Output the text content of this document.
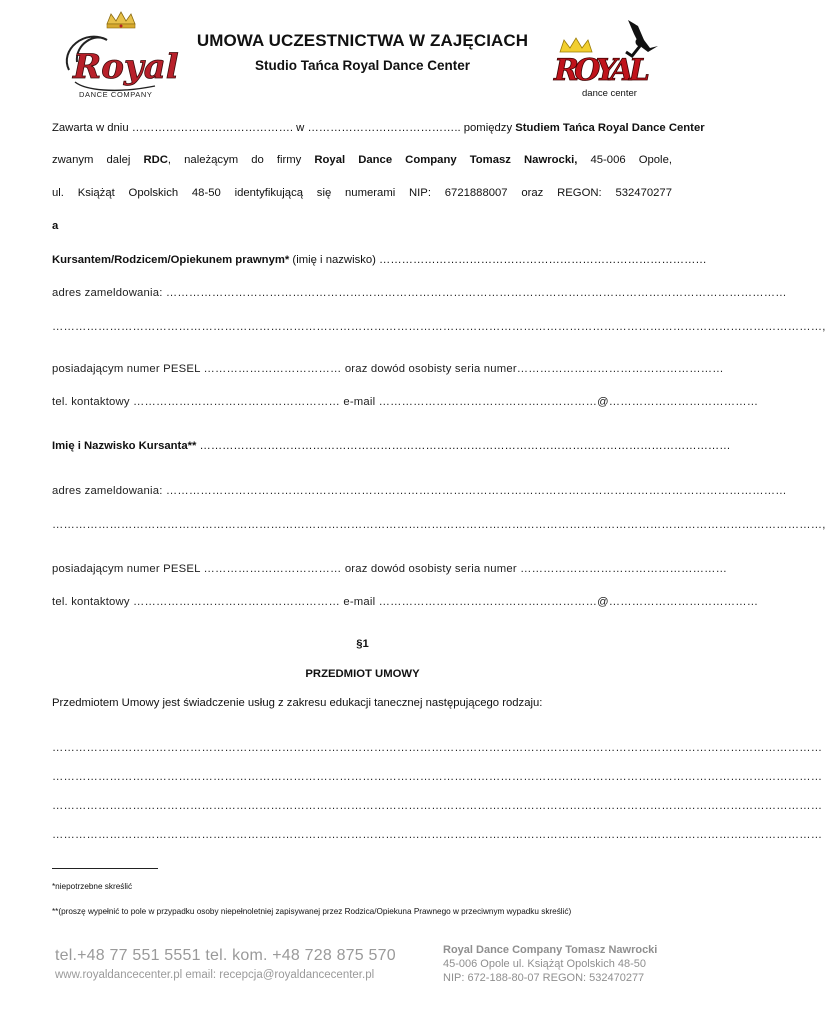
Royal
DANCE COMPANY
ROYAL
dance center
UMOWA UCZESTNICTWA W ZAJĘCIACH
Studio Tańca Royal Dance Center
Zawarta w dniu ……………………………………. w ………………………………….. pomiędzy Studiem Tańca Royal Dance Center
zwanym dalej RDC, należącym do firmy Royal Dance Company Tomasz Nawrocki, 45-006 Opole,
ul. Książąt Opolskich 48-50 identyfikującą się numerami NIP: 6721888007 oraz REGON: 532470277
a
Kursantem/Rodzicem/Opiekunem prawnym* (imię i nazwisko) ……………………………………………………………………………
adres zameldowania: ………………………………………………………………………………………………………………………………………………
…………………………………………………………………………………………………………………………………………………………………………………,
posiadającym numer PESEL ……………………………… oraz dowód osobisty seria numer………………………………………………
tel. kontaktowy ……………………………………………… e-mail …………………………………………………@…………………………………
Imię i Nazwisko Kursanta** ……………………………………………………………………………………………………………………………
adres zameldowania: ………………………………………………………………………………………………………………………………………………
…………………………………………………………………………………………………………………………………………………………………………………,
posiadającym numer PESEL ……………………………… oraz dowód osobisty seria numer ………………………………………………
tel. kontaktowy ……………………………………………… e-mail …………………………………………………@…………………………………
§1
PRZEDMIOT UMOWY
Przedmiotem Umowy jest świadczenie usług z zakresu edukacji tanecznej następującego rodzaju:
…………………………………………………………………………………………………………………………………………………………………………………
…………………………………………………………………………………………………………………………………………………………………………………
…………………………………………………………………………………………………………………………………………………………………………………
…………………………………………………………………………………………………………………………………………………………………………………
*niepotrzebne skreślić
**(proszę wypełnić to pole w przypadku osoby niepełnoletniej zapisywanej przez Rodzica/Opiekuna Prawnego w przeciwnym wypadku skreślić)
tel.+48 77 551 5551 tel. kom. +48 728 875 570
www.royaldancecenter.pl email: recepcja@royaldancecenter.pl
Royal Dance Company Tomasz Nawrocki
45-006 Opole ul. Książąt Opolskich 48-50
NIP: 672-188-80-07 REGON: 532470277
